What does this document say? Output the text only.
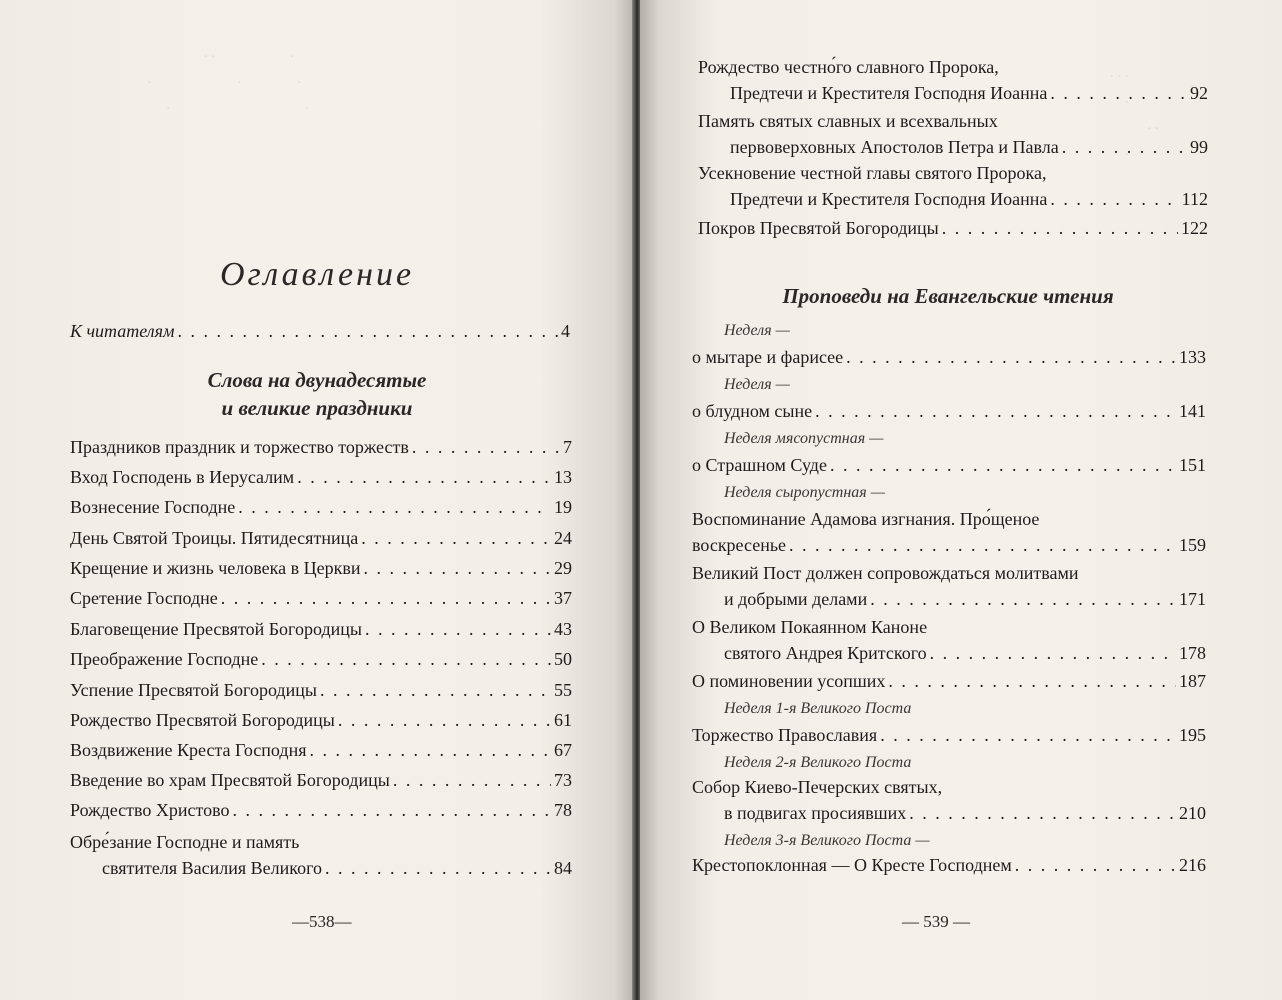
. .                    .
.                       .               .
.                                    .

Оглавление
К читателям . . .	4
Слова на двунадесятые
и великие праздники
Праздников праздник и торжество торжеств . . .	7
Вход Господень в Иерусалим . . .	13
Вознесение Господне . . .	19
День Святой Троицы. Пятидесятница . . .	24
Крещение и жизнь человека в Церкви . . .	29
Сретение Господне . . .	37
Благовещение Пресвятой Богородицы . . .	43
Преображение Господне . . .	50
Успение Пресвятой Богородицы . . .	55
Рождество Пресвятой Богородицы . . .	61
Воздвижение Креста Господня . . .	67
Введение во храм Пресвятой Богородицы . . .	73
Рождество Христово . . .	78
Обре́зание Господне и память
святителя Василия Великого . . .	84
—538—
. . .
.
. .
.

Рождество честно́го славного Пророка,
Предтечи и Крестителя Господня Иоанна . . .	92
Память святых славных и всехвальных
первоверховных Апостолов Петра и Павла . . .	99
Усекновение честной главы святого Пророка,
Предтечи и Крестителя Господня Иоанна . . .	112
Покров Пресвятой Богородицы . . .	122
Проповеди на Евангельские чтения
Неделя —
о мытаре и фарисее . . .	133
Неделя —
о блудном сыне . . .	141
Неделя мясопустная —
о Страшном Суде . . .	151
Неделя сыропустная —
Воспоминание Адамова изгнания. Про́щеное
воскресенье . . .	159
Великий Пост должен сопровождаться молитвами
и добрыми делами . . .	171
О Великом Покаянном Каноне
святого Андрея Критского . . .	178
О поминовении усопших . . .	187
Неделя 1-я Великого Поста
Торжество Православия . . .	195
Неделя 2-я Великого Поста
Собор Киево-Печерских святых,
в подвигах просиявших . . .	210
Неделя 3-я Великого Поста —
Крестопоклонная — О Кресте Господнем . . .	216
— 539 —
